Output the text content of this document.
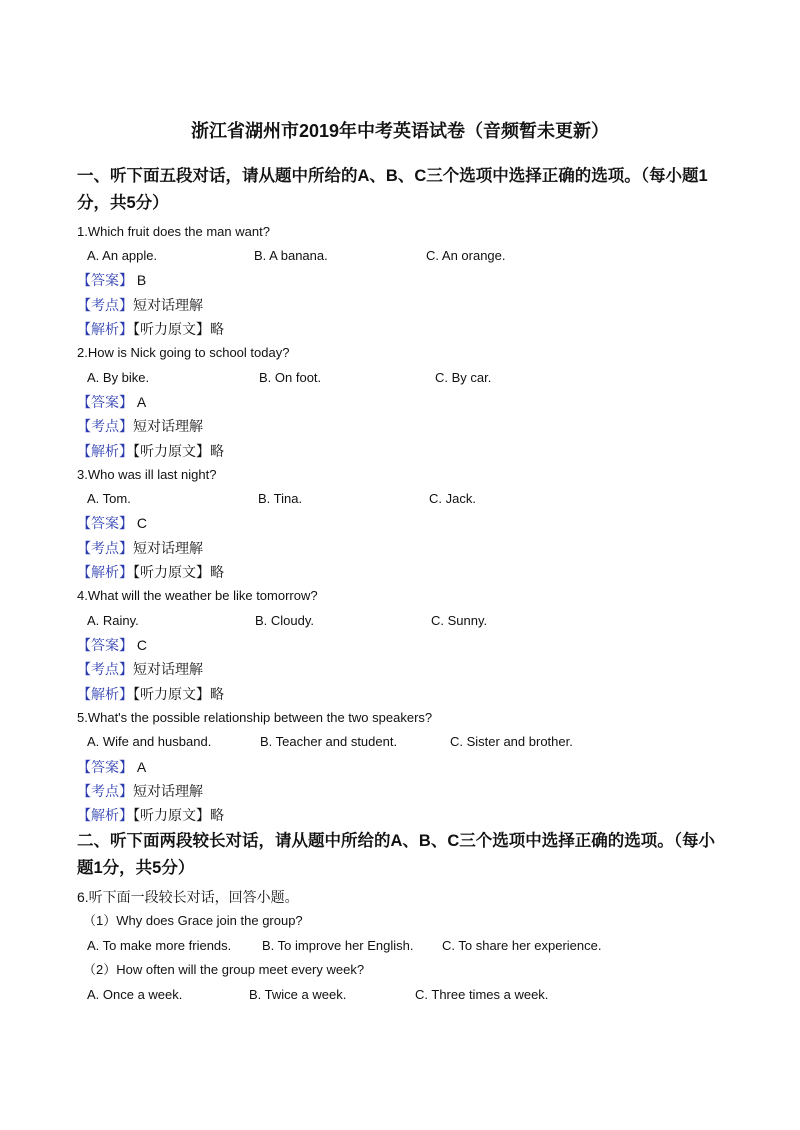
浙江省湖州市2019年中考英语试卷（音频暂未更新）
一、听下面五段对话，请从题中所给的A、B、C三个选项中选择正确的选项。（每小题1分，共5分）
1.Which fruit does the man want?
A. An apple.	B. A banana.	C. An orange.
【答案】 B
【考点】短对话理解
【解析】【听力原文】略
2.How is Nick going to school today?
A. By bike.	B. On foot.	C. By car.
【答案】 A
【考点】短对话理解
【解析】【听力原文】略
3.Who was ill last night?
A. Tom.	B. Tina.	C. Jack.
【答案】 C
【考点】短对话理解
【解析】【听力原文】略
4.What will the weather be like tomorrow?
A. Rainy.	B. Cloudy.	C. Sunny.
【答案】 C
【考点】短对话理解
【解析】【听力原文】略
5.What's the possible relationship between the two speakers?
A. Wife and husband.	B. Teacher and student.	C. Sister and brother.
【答案】 A
【考点】短对话理解
【解析】【听力原文】略
二、听下面两段较长对话，请从题中所给的A、B、C三个选项中选择正确的选项。（每小题1分，共5分）
6.听下面一段较长对话，回答小题。
（1）Why does Grace join the group?
A. To make more friends. B. To improve her English. C. To share her experience.
（2）How often will the group meet every week?
A. Once a week.	B. Twice a week.	C. Three times a week.
